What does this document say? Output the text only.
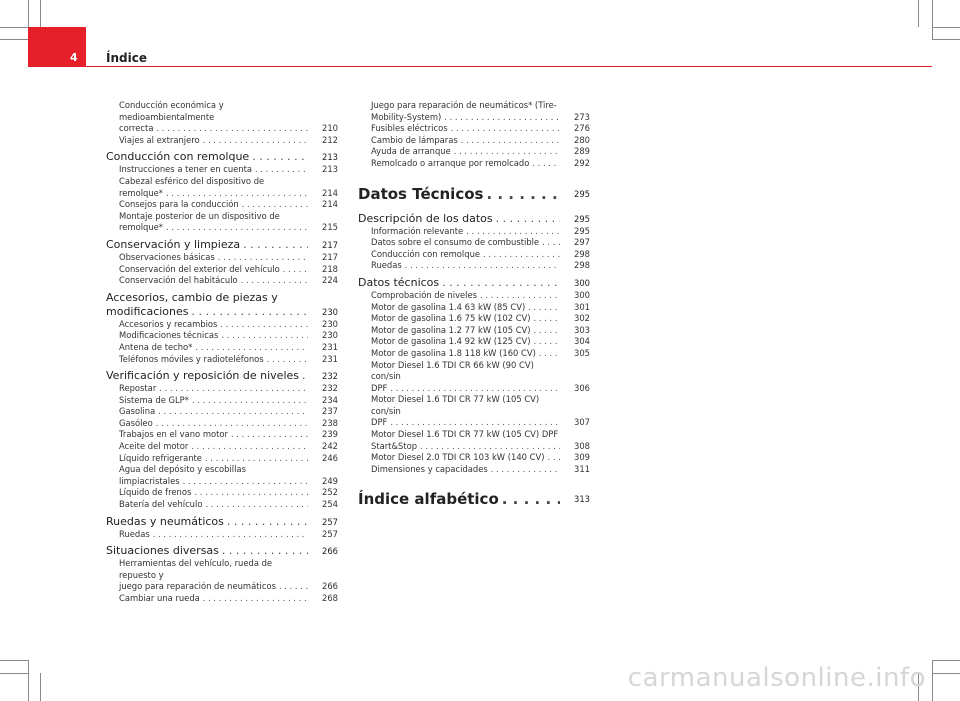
4 Índice
Conducción económica y medioambientalmente
correcta . . .	210
Viajes al extranjero . . .	212
Conducción con remolque . . .	213
Instrucciones a tener en cuenta . . .	213
Cabezal esférico del dispositivo de remolque* . . .	214
Consejos para la conducción . . .	214
Montaje posterior de un dispositivo de
remolque* . . .	215
Conservación y limpieza . . .	217
Observaciones básicas . . .	217
Conservación del exterior del vehículo . . .	218
Conservación del habitáculo . . .	224
Accesorios, cambio de piezas y
modificaciones . . .	230
Accesorios y recambios . . .	230
Modificaciones técnicas . . .	230
Antena de techo* . . .	231
Teléfonos móviles y radioteléfonos . . .	231
Verificación y reposición de niveles . . .	232
Repostar . . .	232
Sistema de GLP* . . .	234
Gasolina . . .	237
Gasóleo . . .	238
Trabajos en el vano motor . . .	239
Aceite del motor . . .	242
Líquido refrigerante . . .	246
Agua del depósito y escobillas limpiacristales . . .	249
Líquido de frenos . . .	252
Batería del vehículo . . .	254
Ruedas y neumáticos . . .	257
Ruedas . . .	257
Situaciones diversas . . .	266
Herramientas del vehículo, rueda de repuesto y
juego para reparación de neumáticos . . .	266
Cambiar una rueda . . .	268
Juego para reparación de neumáticos* (Tire-
Mobility-System) . . .	273
Fusibles eléctricos . . .	276
Cambio de lámparas . . .	280
Ayuda de arranque . . .	289
Remolcado o arranque por remolcado . . .	292
Datos Técnicos . . .	295
Descripción de los datos . . .	295
Información relevante . . .	295
Datos sobre el consumo de combustible . . .	297
Conducción con remolque . . .	298
Ruedas . . .	298
Datos técnicos . . .	300
Comprobación de niveles . . .	300
Motor de gasolina 1.4 63 kW (85 CV) . . .	301
Motor de gasolina 1.6 75 kW (102 CV) . . .	302
Motor de gasolina 1.2 77 kW (105 CV) . . .	303
Motor de gasolina 1.4 92 kW (125 CV) . . .	304
Motor de gasolina 1.8 118 kW (160 CV) . . .	305
Motor Diesel 1.6 TDI CR 66 kW (90 CV) con/sin
DPF . . .	306
Motor Diesel 1.6 TDI CR 77 kW (105 CV) con/sin
DPF . . .	307
Motor Diesel 1.6 TDI CR 77 kW (105 CV) DPF
Start&Stop . . .	308
Motor Diesel 2.0 TDI CR 103 kW (140 CV) . . .	309
Dimensiones y capacidades . . .	311
Índice alfabético . . .	313
carmanualsonline.info
